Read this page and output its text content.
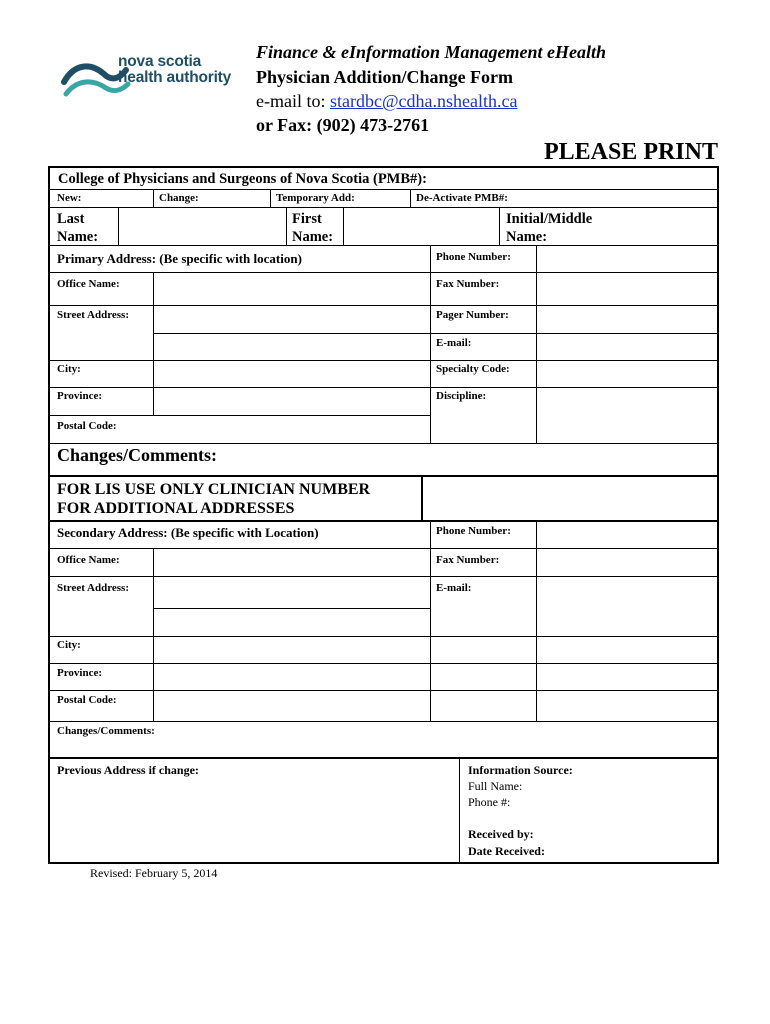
nova scotia
health authority
Finance & eInformation Management eHealth
Physician Addition/Change Form
e-mail to: stardbc@cdha.nshealth.ca
or Fax: (902) 473-2761
PLEASE PRINT
College of Physicians and Surgeons of Nova Scotia (PMB#):
New:	Change:	Temporary Add:	De-Activate PMB#:
Last
Name:
First
Name:
Initial/Middle
Name:
Primary Address: (Be specific with location)	Phone Number:
Office Name:	Fax Number:
Street Address:	Pager Number:
E-mail:
City:	Specialty Code:
Province:	Discipline:
Postal Code:
Changes/Comments:
FOR LIS USE ONLY CLINICIAN NUMBER
FOR ADDITIONAL ADDRESSES
Secondary Address: (Be specific with Location)	Phone Number:
Office Name:	Fax Number:
Street Address:	E-mail:
City:
Province:
Postal Code:
Changes/Comments:
Previous Address if change:	Information Source:
Full Name:
Phone #:
Received by:
Date Received:
Revised: February 5, 2014
